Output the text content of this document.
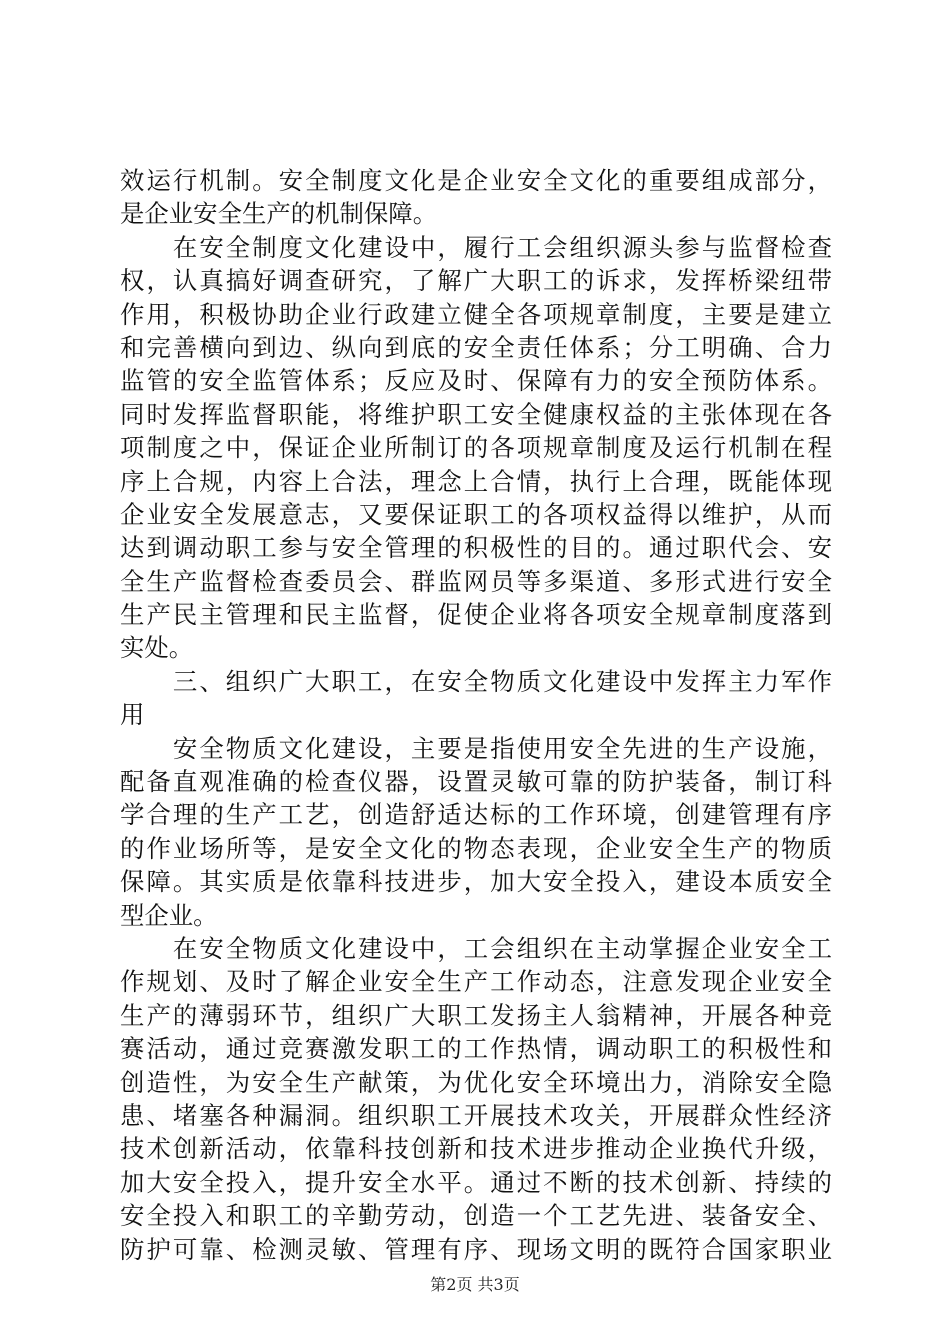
效运行机制。安全制度文化是企业安全文化的重要组成部分，
是企业安全生产的机制保障。
　　在安全制度文化建设中，履行工会组织源头参与监督检查
权，认真搞好调查研究，了解广大职工的诉求，发挥桥梁纽带
作用，积极协助企业行政建立健全各项规章制度，主要是建立
和完善横向到边、纵向到底的安全责任体系；分工明确、合力
监管的安全监管体系；反应及时、保障有力的安全预防体系。
同时发挥监督职能，将维护职工安全健康权益的主张体现在各
项制度之中，保证企业所制订的各项规章制度及运行机制在程
序上合规，内容上合法，理念上合情，执行上合理，既能体现
企业安全发展意志，又要保证职工的各项权益得以维护，从而
达到调动职工参与安全管理的积极性的目的。通过职代会、安
全生产监督检查委员会、群监网员等多渠道、多形式进行安全
生产民主管理和民主监督，促使企业将各项安全规章制度落到
实处。
　　三、组织广大职工，在安全物质文化建设中发挥主力军作
用
　　安全物质文化建设，主要是指使用安全先进的生产设施，
配备直观准确的检查仪器，设置灵敏可靠的防护装备，制订科
学合理的生产工艺，创造舒适达标的工作环境，创建管理有序
的作业场所等，是安全文化的物态表现，企业安全生产的物质
保障。其实质是依靠科技进步，加大安全投入，建设本质安全
型企业。
　　在安全物质文化建设中，工会组织在主动掌握企业安全工
作规划、及时了解企业安全生产工作动态，注意发现企业安全
生产的薄弱环节，组织广大职工发扬主人翁精神，开展各种竞
赛活动，通过竞赛激发职工的工作热情，调动职工的积极性和
创造性，为安全生产献策，为优化安全环境出力，消除安全隐
患、堵塞各种漏洞。组织职工开展技术攻关，开展群众性经济
技术创新活动，依靠科技创新和技术进步推动企业换代升级，
加大安全投入，提升安全水平。通过不断的技术创新、持续的
安全投入和职工的辛勤劳动，创造一个工艺先进、装备安全、
防护可靠、检测灵敏、管理有序、现场文明的既符合国家职业
第2页 共3页
